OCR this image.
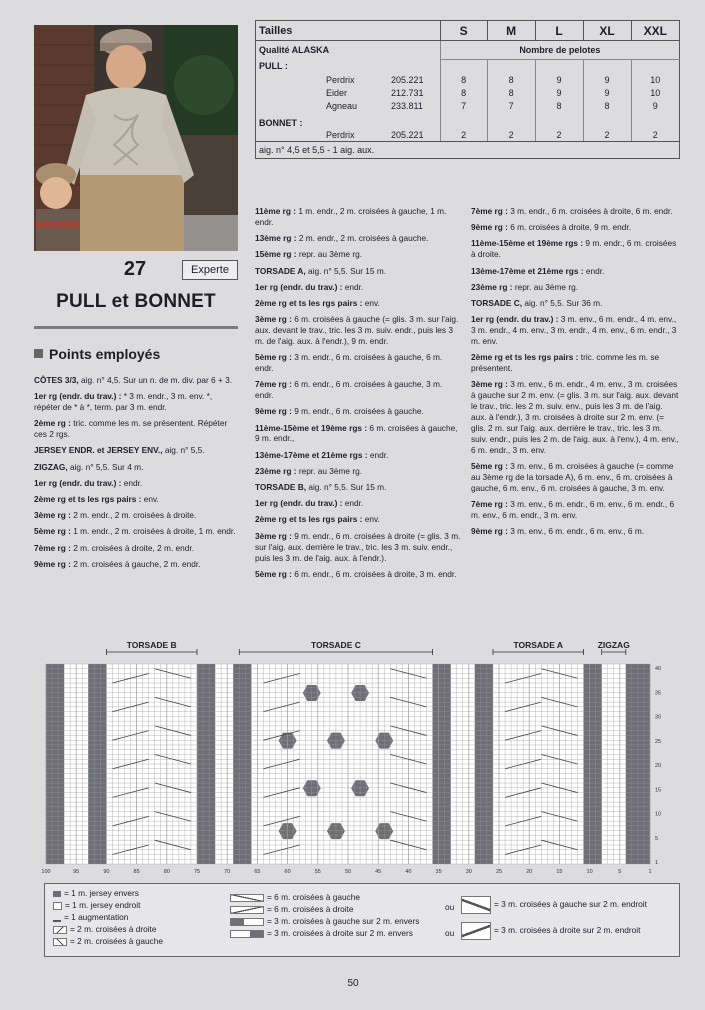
27	Experte
PULL et BONNET
Points employés
Tailles	S	M	L	XL	XXL
Qualité ALASKA	Nombre de pelotes				
PULL :					
Perdrix 205.221	8	8	9	9	10
Eider 212.731	8	8	9	9	10
Agneau 233.811	7	7	8	8	9
BONNET :					
Perdrix 205.221	2	2	2	2	2
aig. n° 4,5 et 5,5 - 1 aig. aux.					

CÔTES 3/3, aig. n° 4,5. Sur un n. de m. div. par 6 + 3.

1er rg (endr. du trav.) : * 3 m. endr., 3 m. env. *, répéter de * à *, term. par 3 m. endr.

2ème rg : tric. comme les m. se présentent. Répéter ces 2 rgs.

JERSEY ENDR. et JERSEY ENV., aig. n° 5,5.

ZIGZAG, aig. n° 5,5. Sur 4 m.

1er rg (endr. du trav.) : endr.

2ème rg et ts les rgs pairs : env.

3ème rg : 2 m. endr., 2 m. croisées à droite.

5ème rg : 1 m. endr., 2 m. croisées à droite, 1 m. endr.

7ème rg : 2 m. croisées à droite, 2 m. endr.

9ème rg : 2 m. croisées à gauche, 2 m. endr.

11ème rg : 1 m. endr., 2 m. croisées à gauche, 1 m. endr.

13ème rg : 2 m. endr., 2 m. croisées à gauche.

15ème rg : repr. au 3ème rg.

TORSADE A, aig. n° 5,5. Sur 15 m.

1er rg (endr. du trav.) : endr.

2ème rg et ts les rgs pairs : env.

3ème rg : 6 m. croisées à gauche (= glis. 3 m. sur l'aig. aux. devant le trav., tric. les 3 m. suiv. endr., puis les 3 m. de l'aig. aux. à l'endr.), 9 m. endr.

5ème rg : 3 m. endr., 6 m. croisées à gauche, 6 m. endr.

7ème rg : 6 m. endr., 6 m. croisées à gauche, 3 m. endr.

9ème rg : 9 m. endr., 6 m. croisées à gauche.

11ème-15ème et 19ème rgs : 6 m. croisées à gauche, 9 m. endr.,

13ème-17ème et 21ème rgs : endr.

23ème rg : repr. au 3ème rg.

TORSADE B, aig. n° 5,5. Sur 15 m.

1er rg (endr. du trav.) : endr.

2ème rg et ts les rgs pairs : env.

3ème rg : 9 m. endr., 6 m. croisées à droite (= glis. 3 m. sur l'aig. aux. derrière le trav., tric. les 3 m. suiv. endr., puis les 3 m. de l'aig. aux. à l'endr.).

5ème rg : 6 m. endr., 6 m. croisées à droite, 3 m. endr.

7ème rg : 3 m. endr., 6 m. croisées à droite, 6 m. endr.

9ème rg : 6 m. croisées à droite, 9 m. endr.

11ème-15ème et 19ème rgs : 9 m. endr., 6 m. croisées à droite.

13ème-17ème et 21ème rgs : endr.

23ème rg : repr. au 3ème rg.

TORSADE C, aig. n° 5,5. Sur 36 m.

1er rg (endr. du trav.) : 3 m. env., 6 m. endr., 4 m. env., 3 m. endr., 4 m. env., 3 m. endr., 4 m. env., 6 m. endr., 3 m. env.

2ème rg et ts les rgs pairs : tric. comme les m. se présentent.

3ème rg : 3 m. env., 6 m. endr., 4 m. env., 3 m. croisées à gauche sur 2 m. env. (= glis. 3 m. sur l'aig. aux. devant le trav., tric. les 2 m. suiv. env., puis les 3 m. de l'aig. aux. à l'endr.), 3 m. croisées à droite sur 2 m. env. (= glis. 2 m. sur l'aig. aux. derrière le trav., tric. les 3 m. suiv. endr., puis les 2 m. de l'aig. aux. à l'env.), 4 m. env., 6 m. endr., 3 m. env.

5ème rg : 3 m. env., 6 m. croisées à gauche (= comme au 3ème rg de la torsade A), 6 m. env., 6 m. croisées à gauche, 6 m. env., 6 m. croisées à gauche, 3 m. env.

7ème rg : 3 m. env., 6 m. endr., 6 m. env., 6 m. endr., 6 m. env., 6 m. endr., 3 m. env.

9ème rg : 3 m. env., 6 m. endr., 6 m. env., 6 m.

TORSADE B	TORSADE C	TORSADE A	ZIGZAG
100	95	90	85	80	75	70	65	60	55	50	45	40	35	30	25	20	15	10	5	1
40
35
30
25
20
15
10
5
1
= 1 m. jersey envers
= 1 m. jersey endroit
= 1 augmentation
= 2 m. croisées à droite
= 2 m. croisées à gauche
= 6 m. croisées à gauche
= 6 m. croisées à droite
= 3 m. croisées à gauche sur 2 m. envers
= 3 m. croisées à droite sur 2 m. envers
ou	= 3 m. croisées à gauche sur 2 m. endroit
ou	= 3 m. croisées à droite sur 2 m. endroit
50
